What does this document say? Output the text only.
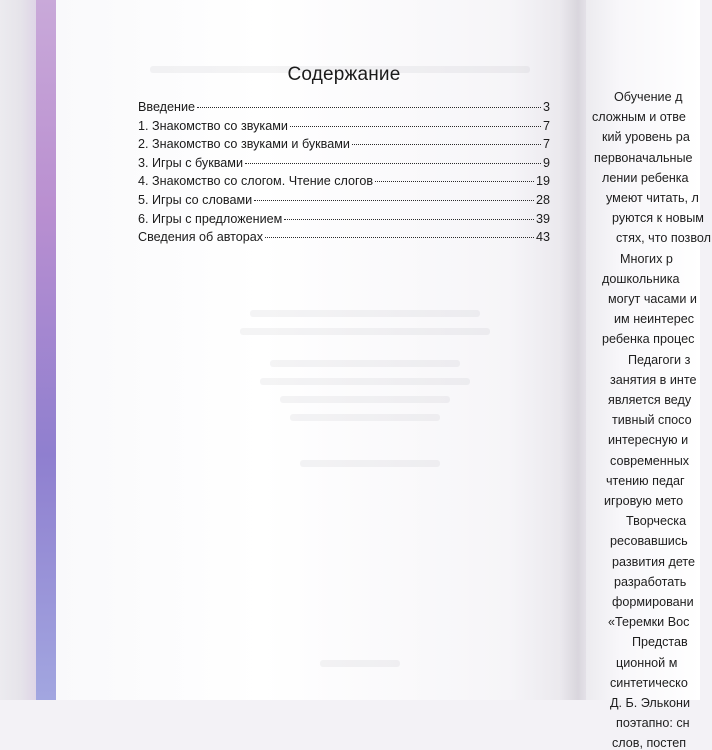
Содержание
Введение	3
1. Знакомство со звуками	7
2. Знакомство со звуками и буквами	7
3. Игры с буквами	9
4. Знакомство со слогом. Чтение слогов	19
5. Игры со словами	28
6. Игры с предложением	39
Сведения об авторах	43
Обучение д
сложным и отве
кий уровень ра
первоначальные
лении ребенка
умеют читать, л
руются к новым
стях, что позвол
Многих р
дошкольника
могут часами и
им неинтерес
ребенка процес
Педагоги з
занятия в инте
является веду
тивный спосо
интересную и
современных
чтению педаг
игровую мето
Творческа
ресовавшись
развития дете
разработать
формировани
«Теремки Вос
Представ
ционной м
синтетическо
Д. Б. Элькони
поэтапно: сн
слов, постеп
